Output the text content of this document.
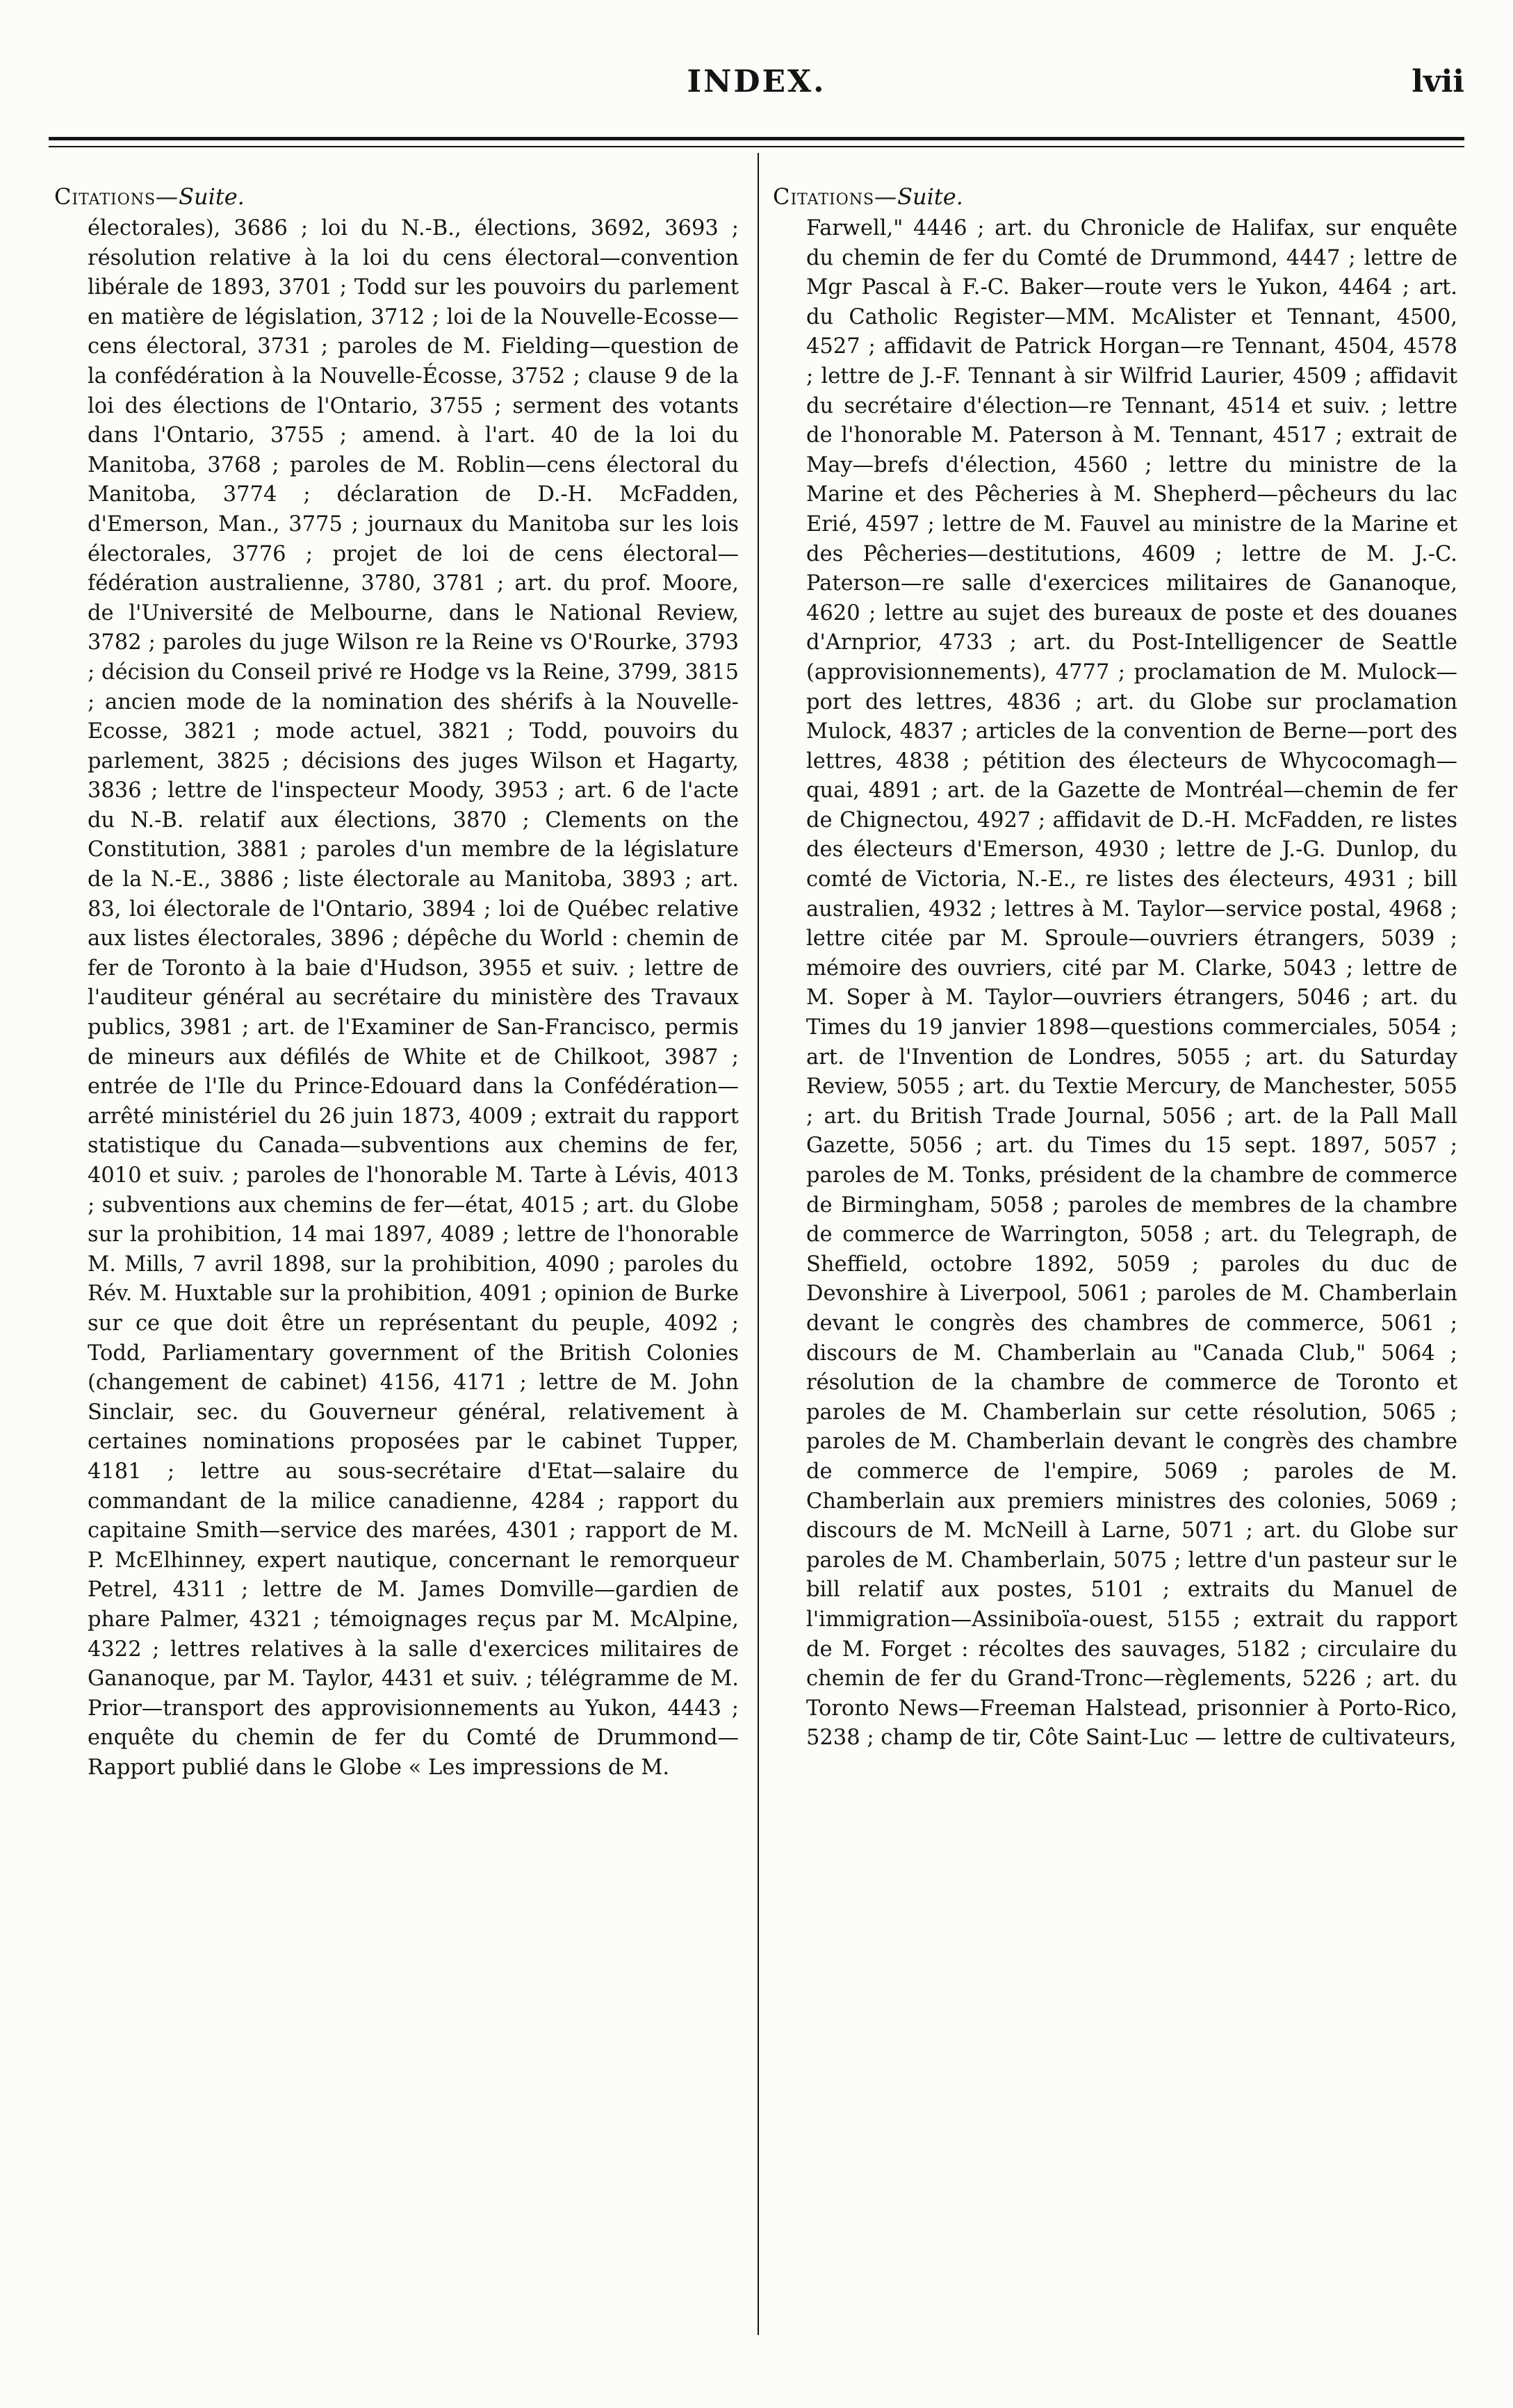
INDEX.	lvii

Citations—Suite.

électorales), 3686 ; loi du N.-B., élections, 3692, 3693 ; résolution relative à la loi du cens électoral—convention libérale de 1893, 3701 ; Todd sur les pouvoirs du parlement en matière de législation, 3712 ; loi de la Nouvelle-Ecosse—cens électoral, 3731 ; paroles de M. Fielding—question de la confédération à la Nouvelle-Écosse, 3752 ; clause 9 de la loi des élections de l'Ontario, 3755 ; serment des votants dans l'Ontario, 3755 ; amend. à l'art. 40 de la loi du Manitoba, 3768 ; paroles de M. Roblin—cens électoral du Manitoba, 3774 ; déclaration de D.-H. McFadden, d'Emerson, Man., 3775 ; journaux du Manitoba sur les lois électorales, 3776 ; projet de loi de cens électoral—fédération australienne, 3780, 3781 ; art. du prof. Moore, de l'Université de Melbourne, dans le National Review, 3782 ; paroles du juge Wilson re la Reine vs O'Rourke, 3793 ; décision du Conseil privé re Hodge vs la Reine, 3799, 3815 ; ancien mode de la nomination des shérifs à la Nouvelle-Ecosse, 3821 ; mode actuel, 3821 ; Todd, pouvoirs du parlement, 3825 ; décisions des juges Wilson et Hagarty, 3836 ; lettre de l'inspecteur Moody, 3953 ; art. 6 de l'acte du N.-B. relatif aux élections, 3870 ; Clements on the Constitution, 3881 ; paroles d'un membre de la législature de la N.-E., 3886 ; liste électorale au Manitoba, 3893 ; art. 83, loi électorale de l'Ontario, 3894 ; loi de Québec relative aux listes électorales, 3896 ; dépêche du World : chemin de fer de Toronto à la baie d'Hudson, 3955 et suiv. ; lettre de l'auditeur général au secrétaire du ministère des Travaux publics, 3981 ; art. de l'Examiner de San-Francisco, permis de mineurs aux défilés de White et de Chilkoot, 3987 ; entrée de l'Ile du Prince-Edouard dans la Confédération—arrêté ministériel du 26 juin 1873, 4009 ; extrait du rapport statistique du Canada—subventions aux chemins de fer, 4010 et suiv. ; paroles de l'honorable M. Tarte à Lévis, 4013 ; subventions aux chemins de fer—état, 4015 ; art. du Globe sur la prohibition, 14 mai 1897, 4089 ; lettre de l'honorable M. Mills, 7 avril 1898, sur la prohibition, 4090 ; paroles du Rév. M. Huxtable sur la prohibition, 4091 ; opinion de Burke sur ce que doit être un représentant du peuple, 4092 ; Todd, Parliamentary government of the British Colonies (changement de cabinet) 4156, 4171 ; lettre de M. John Sinclair, sec. du Gouverneur général, relativement à certaines nominations proposées par le cabinet Tupper, 4181 ; lettre au sous-secrétaire d'Etat—salaire du commandant de la milice canadienne, 4284 ; rapport du capitaine Smith—service des marées, 4301 ; rapport de M. P. McElhinney, expert nautique, concernant le remorqueur Petrel, 4311 ; lettre de M. James Domville—gardien de phare Palmer, 4321 ; témoignages reçus par M. McAlpine, 4322 ; lettres relatives à la salle d'exercices militaires de Gananoque, par M. Taylor, 4431 et suiv. ; télégramme de M. Prior—transport des approvisionnements au Yukon, 4443 ; enquête du chemin de fer du Comté de Drummond—Rapport publié dans le Globe « Les impressions de M.

Citations—Suite.

Farwell," 4446 ; art. du Chronicle de Halifax, sur enquête du chemin de fer du Comté de Drummond, 4447 ; lettre de Mgr Pascal à F.-C. Baker—route vers le Yukon, 4464 ; art. du Catholic Register—MM. McAlister et Tennant, 4500, 4527 ; affidavit de Patrick Horgan—re Tennant, 4504, 4578 ; lettre de J.-F. Tennant à sir Wilfrid Laurier, 4509 ; affidavit du secrétaire d'élection—re Tennant, 4514 et suiv. ; lettre de l'honorable M. Paterson à M. Tennant, 4517 ; extrait de May—brefs d'élection, 4560 ; lettre du ministre de la Marine et des Pêcheries à M. Shepherd—pêcheurs du lac Erié, 4597 ; lettre de M. Fauvel au ministre de la Marine et des Pêcheries—destitutions, 4609 ; lettre de M. J.-C. Paterson—re salle d'exercices militaires de Gananoque, 4620 ; lettre au sujet des bureaux de poste et des douanes d'Arnprior, 4733 ; art. du Post-Intelligencer de Seattle (approvisionnements), 4777 ; proclamation de M. Mulock—port des lettres, 4836 ; art. du Globe sur proclamation Mulock, 4837 ; articles de la convention de Berne—port des lettres, 4838 ; pétition des électeurs de Whycocomagh—quai, 4891 ; art. de la Gazette de Montréal—chemin de fer de Chignectou, 4927 ; affidavit de D.-H. McFadden, re listes des électeurs d'Emerson, 4930 ; lettre de J.-G. Dunlop, du comté de Victoria, N.-E., re listes des électeurs, 4931 ; bill australien, 4932 ; lettres à M. Taylor—service postal, 4968 ; lettre citée par M. Sproule—ouvriers étrangers, 5039 ; mémoire des ouvriers, cité par M. Clarke, 5043 ; lettre de M. Soper à M. Taylor—ouvriers étrangers, 5046 ; art. du Times du 19 janvier 1898—questions commerciales, 5054 ; art. de l'Invention de Londres, 5055 ; art. du Saturday Review, 5055 ; art. du Textie Mercury, de Manchester, 5055 ; art. du British Trade Journal, 5056 ; art. de la Pall Mall Gazette, 5056 ; art. du Times du 15 sept. 1897, 5057 ; paroles de M. Tonks, président de la chambre de commerce de Birmingham, 5058 ; paroles de membres de la chambre de commerce de Warrington, 5058 ; art. du Telegraph, de Sheffield, octobre 1892, 5059 ; paroles du duc de Devonshire à Liverpool, 5061 ; paroles de M. Chamberlain devant le congrès des chambres de commerce, 5061 ; discours de M. Chamberlain au "Canada Club," 5064 ; résolution de la chambre de commerce de Toronto et paroles de M. Chamberlain sur cette résolution, 5065 ; paroles de M. Chamberlain devant le congrès des chambre de commerce de l'empire, 5069 ; paroles de M. Chamberlain aux premiers ministres des colonies, 5069 ; discours de M. McNeill à Larne, 5071 ; art. du Globe sur paroles de M. Chamberlain, 5075 ; lettre d'un pasteur sur le bill relatif aux postes, 5101 ; extraits du Manuel de l'immigration—Assiniboïa-ouest, 5155 ; extrait du rapport de M. Forget : récoltes des sauvages, 5182 ; circulaire du chemin de fer du Grand-Tronc—règlements, 5226 ; art. du Toronto News—Freeman Halstead, prisonnier à Porto-Rico, 5238 ; champ de tir, Côte Saint-Luc — lettre de cultivateurs,
